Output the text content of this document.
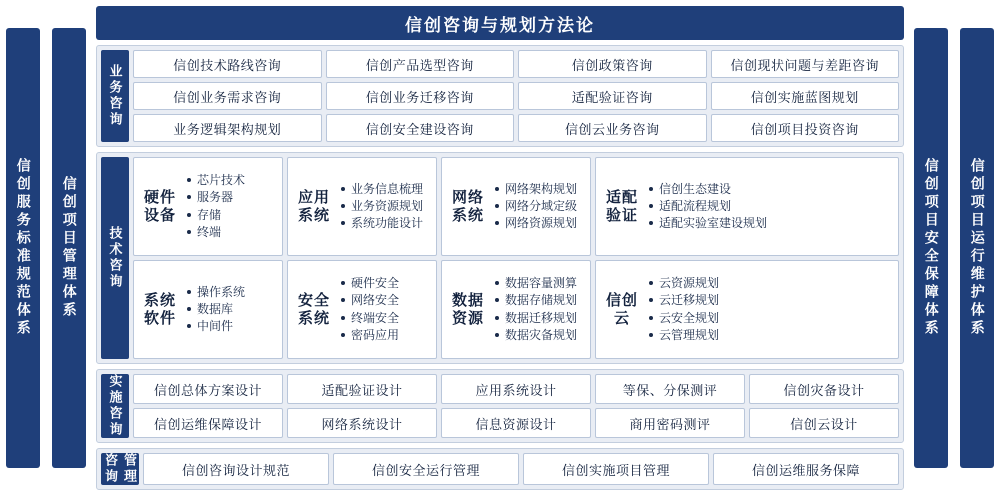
信创服务标准规范体系 信创项目管理体系	信创项目安全保障体系 信创项目运行维护体系
信创咨询与规划方法论
业务咨询	信创技术路线咨询	信创产品选型咨询	信创政策咨询	信创现状问题与差距咨询
信创业务需求咨询	信创业务迁移咨询	适配验证咨询	信创实施蓝图规划
业务逻辑架构规划	信创安全建设咨询	信创云业务咨询	信创项目投资咨询
技术咨询
硬件设备
芯片技术
服务器
存储
终端
应用系统
业务信息梳理
业务资源规划
系统功能设计
网络系统
网络架构规划
网络分域定级
网络资源规划
适配验证
信创生态建设
适配流程规划
适配实验室建设规划
系统软件
操作系统
数据库
中间件
安全系统
硬件安全
网络安全
终端安全
密码应用
数据资源
数据容量测算
数据存储规划
数据迁移规划
数据灾备规划
信创云
云资源规划
云迁移规划
云安全规划
云管理规划
实施咨询	信创总体方案设计	适配验证设计	应用系统设计	等保、分保测评	信创灾备设计
信创运维保障设计	网络系统设计	信息资源设计	商用密码测评	信创云设计
咨询 管理	信创咨询设计规范	信创安全运行管理	信创实施项目管理	信创运维服务保障
